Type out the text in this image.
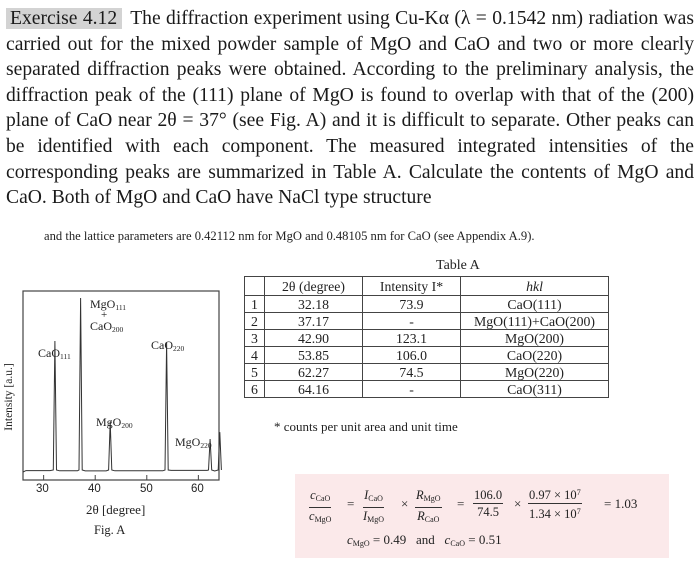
Exercise 4.12 The diffraction experiment using Cu-Kα (λ = 0.1542 nm) radiation was carried out for the mixed powder sample of MgO and CaO and two or more clearly separated diffraction peaks were obtained. According to the preliminary analysis, the diffraction peak of the (111) plane of MgO is found to overlap with that of the (200) plane of CaO near 2θ = 37° (see Fig. A) and it is difficult to separate. Other peaks can be identified with each component. The measured integrated intensities of the corresponding peaks are summarized in Table A. Calculate the contents of MgO and CaO. Both of MgO and CaO have NaCl type structure
and the lattice parameters are 0.42112 nm for MgO and 0.48105 nm for CaO (see Appendix A.9).
Intensity [a.u.]
CaO$_{111}$
MgO$_{111}$
+
CaO$_{200}$
CaO$_{220}$
MgO$_{200}$
MgO$_{220}$
30	40	50	60
2θ [degree]
Fig. A
Table A
	2θ (degree)	Intensity I*	hkl
1	32.18	73.9	CaO(111)
2	37.17	-	MgO(111)+CaO(200)
3	42.90	123.1	MgO(200)
4	53.85	106.0	CaO(220)
5	62.27	74.5	MgO(220)
6	64.16	-	CaO(311)
* counts per unit area and unit time
$c_{CaO}$
$c_{MgO}$
=
$I_{CaO}$
$I_{MgO}$
×
$R_{MgO}$
$R_{CaO}$
= $\frac{106.0}{74.5} \times \frac{0.97 \times 10^7}{1.34 \times 10^7} = 1.03$
$c_{MgO} = 0.49$ and $c_{CaO} = 0.51$
